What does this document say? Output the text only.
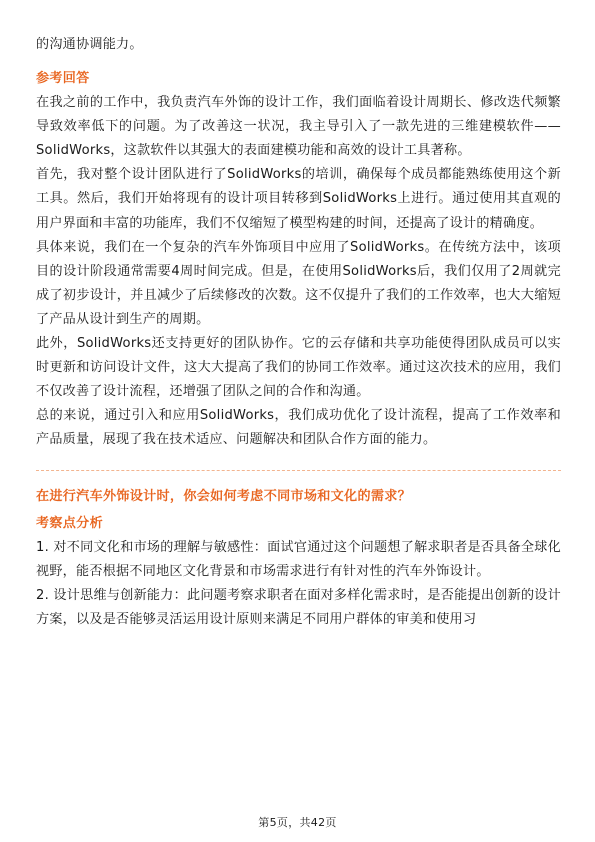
的沟通协调能力。

参考回答

在我之前的工作中，我负责汽车外饰的设计工作，我们面临着设计周期长、修改迭代频繁导致效率低下的问题。为了改善这一状况，我主导引入了一款先进的三维建模软件——SolidWorks，这款软件以其强大的表面建模功能和高效的设计工具著称。

首先，我对整个设计团队进行了SolidWorks的培训，确保每个成员都能熟练使用这个新工具。然后，我们开始将现有的设计项目转移到SolidWorks上进行。通过使用其直观的用户界面和丰富的功能库，我们不仅缩短了模型构建的时间，还提高了设计的精确度。

具体来说，我们在一个复杂的汽车外饰项目中应用了SolidWorks。在传统方法中，该项目的设计阶段通常需要4周时间完成。但是，在使用SolidWorks后，我们仅用了2周就完成了初步设计，并且减少了后续修改的次数。这不仅提升了我们的工作效率，也大大缩短了产品从设计到生产的周期。

此外，SolidWorks还支持更好的团队协作。它的云存储和共享功能使得团队成员可以实时更新和访问设计文件，这大大提高了我们的协同工作效率。通过这次技术的应用，我们不仅改善了设计流程，还增强了团队之间的合作和沟通。

总的来说，通过引入和应用SolidWorks，我们成功优化了设计流程，提高了工作效率和产品质量，展现了我在技术适应、问题解决和团队合作方面的能力。

在进行汽车外饰设计时，你会如何考虑不同市场和文化的需求？
考察点分析

1. 对不同文化和市场的理解与敏感性：面试官通过这个问题想了解求职者是否具备全球化视野，能否根据不同地区文化背景和市场需求进行有针对性的汽车外饰设计。

2. 设计思维与创新能力：此问题考察求职者在面对多样化需求时，是否能提出创新的设计方案，以及是否能够灵活运用设计原则来满足不同用户群体的审美和使用习

第5页，共42页
